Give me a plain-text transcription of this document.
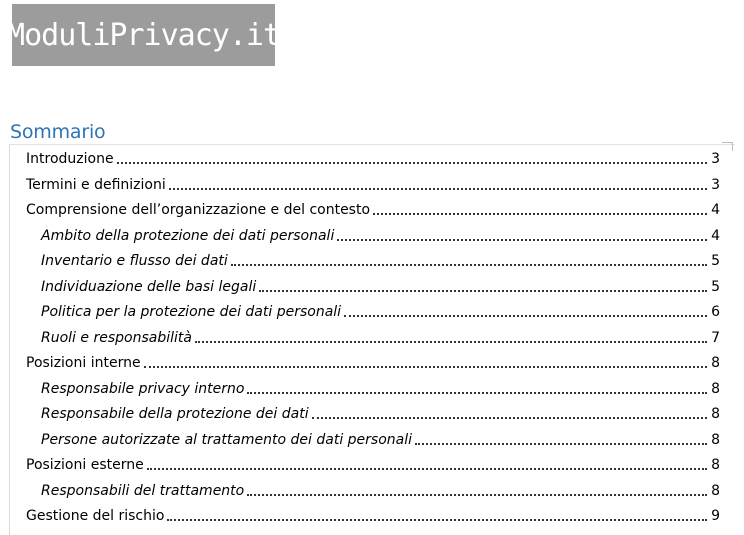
ModuliPrivacy.it
Sommario
Introduzione	3
Termini e definizioni	3
Comprensione dell’organizzazione e del contesto	4
Ambito della protezione dei dati personali	4
Inventario e flusso dei dati	5
Individuazione delle basi legali	5
Politica per la protezione dei dati personali	6
Ruoli e responsabilità	7
Posizioni interne	8
Responsabile privacy interno	8
Responsabile della protezione dei dati	8
Persone autorizzate al trattamento dei dati personali	8
Posizioni esterne	8
Responsabili del trattamento	8
Gestione del rischio	9
